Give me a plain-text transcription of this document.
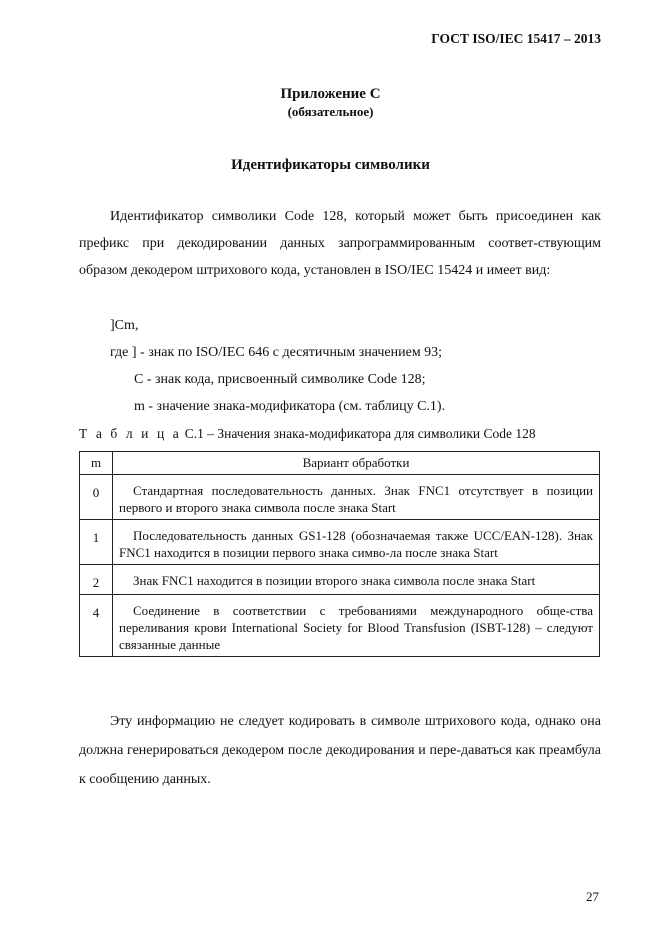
ГОСТ ISO/IEC 15417 – 2013
Приложение С
(обязательное)
Идентификаторы символики
Идентификатор символики Code 128, который может быть присоединен как префикс при декодировании данных запрограммированным соответ-ствующим образом декодером штрихового кода, установлен в ISO/IEC 15424 и имеет вид:
]Cm,
где ] - знак по ISO/IEC 646 с десятичным значением 93;
С - знак кода, присвоенный символике Code 128;
m - значение знака-модификатора (см. таблицу С.1).
Т а б л и ц а С.1 – Значения знака-модификатора для символики Code 128
m	Вариант обработки
0	Стандартная последовательность данных. Знак FNC1 отсутствует в позиции первого и второго знака символа после знака Start
1	Последовательность данных GS1-128 (обозначаемая также UCC/EAN-128). Знак FNC1 находится в позиции первого знака симво-ла после знака Start
2	Знак FNC1 находится в позиции второго знака символа после знака Start
4	Соединение в соответствии с требованиями международного обще-ства переливания крови International Society for Blood Transfusion (ISBT-128) – следуют связанные данные
Эту информацию не следует кодировать в символе штрихового кода, однако она должна генерироваться декодером после декодирования и пере-даваться как преамбула к сообщению данных.
27
